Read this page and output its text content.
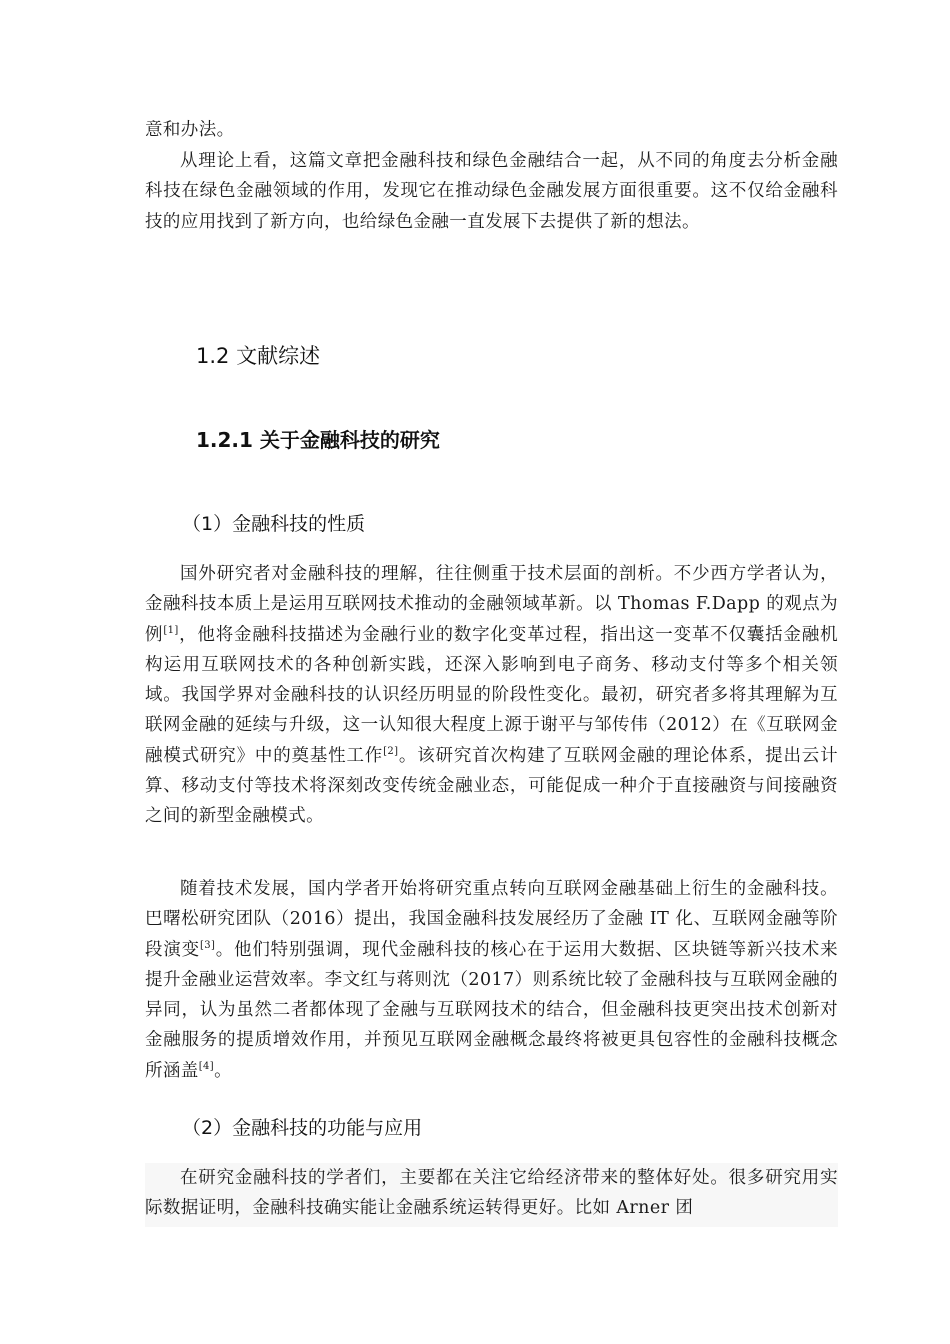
意和办法。

从理论上看，这篇文章把金融科技和绿色金融结合一起，从不同的角度去分析金融科技在绿色金融领域的作用，发现它在推动绿色金融发展方面很重要。这不仅给金融科技的应用找到了新方向，也给绿色金融一直发展下去提供了新的想法。

1.2 文献综述
1.2.1 关于金融科技的研究
（1）金融科技的性质

国外研究者对金融科技的理解，往往侧重于技术层面的剖析。不少西方学者认为，金融科技本质上是运用互联网技术推动的金融领域革新。以 Thomas F.Dapp 的观点为例[1]，他将金融科技描述为金融行业的数字化变革过程，指出这一变革不仅囊括金融机构运用互联网技术的各种创新实践，还深入影响到电子商务、移动支付等多个相关领域。我国学界对金融科技的认识经历明显的阶段性变化。最初，研究者多将其理解为互联网金融的延续与升级，这一认知很大程度上源于谢平与邹传伟（2012）在《互联网金融模式研究》中的奠基性工作[2]。该研究首次构建了互联网金融的理论体系，提出云计算、移动支付等技术将深刻改变传统金融业态，可能促成一种介于直接融资与间接融资之间的新型金融模式。

随着技术发展，国内学者开始将研究重点转向互联网金融基础上衍生的金融科技。巴曙松研究团队（2016）提出，我国金融科技发展经历了金融 IT 化、互联网金融等阶段演变[3]。他们特别强调，现代金融科技的核心在于运用大数据、区块链等新兴技术来提升金融业运营效率。李文红与蒋则沈（2017）则系统比较了金融科技与互联网金融的异同，认为虽然二者都体现了金融与互联网技术的结合，但金融科技更突出技术创新对金融服务的提质增效作用，并预见互联网金融概念最终将被更具包容性的金融科技概念所涵盖[4]。

（2）金融科技的功能与应用

在研究金融科技的学者们，主要都在关注它给经济带来的整体好处。很多研究用实际数据证明，金融科技确实能让金融系统运转得更好。比如 Arner 团
